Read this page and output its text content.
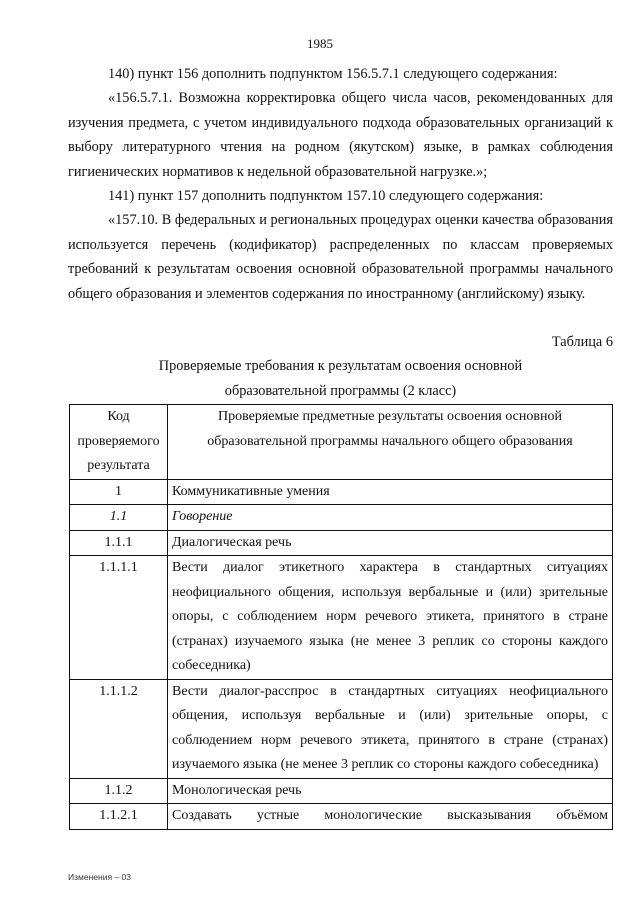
1985

140) пункт 156 дополнить подпунктом 156.5.7.1 следующего содержания:

«156.5.7.1. Возможна корректировка общего числа часов, рекомендованных для изучения предмета, с учетом индивидуального подхода образовательных организаций к выбору литературного чтения на родном (якутском) языке, в рамках соблюдения гигиенических нормативов к недельной образовательной нагрузке.»;

141) пункт 157 дополнить подпунктом 157.10 следующего содержания:

«157.10. В федеральных и региональных процедурах оценки качества образования используется перечень (кодификатор) распределенных по классам проверяемых требований к результатам освоения основной образовательной программы начального общего образования и элементов содержания по иностранному (английскому) языку.

Таблица 6
Проверяемые требования к результатам освоения основной
образовательной программы (2 класс)
Код проверяемого результата	Проверяемые предметные результаты освоения основной образовательной программы начального общего образования
1	Коммуникативные умения
1.1	Говорение
1.1.1	Диалогическая речь
1.1.1.1	Вести диалог этикетного характера в стандартных ситуациях неофициального общения, используя вербальные и (или) зрительные опоры, с соблюдением норм речевого этикета, принятого в стране (странах) изучаемого языка (не менее 3 реплик со стороны каждого собеседника)
1.1.1.2	Вести диалог-расспрос в стандартных ситуациях неофициального общения, используя вербальные и (или) зрительные опоры, с соблюдением норм речевого этикета, принятого в стране (странах) изучаемого языка (не менее 3 реплик со стороны каждого собеседника)
1.1.2	Монологическая речь
1.1.2.1	Создавать устные монологические высказывания объёмом
Изменения – 03
